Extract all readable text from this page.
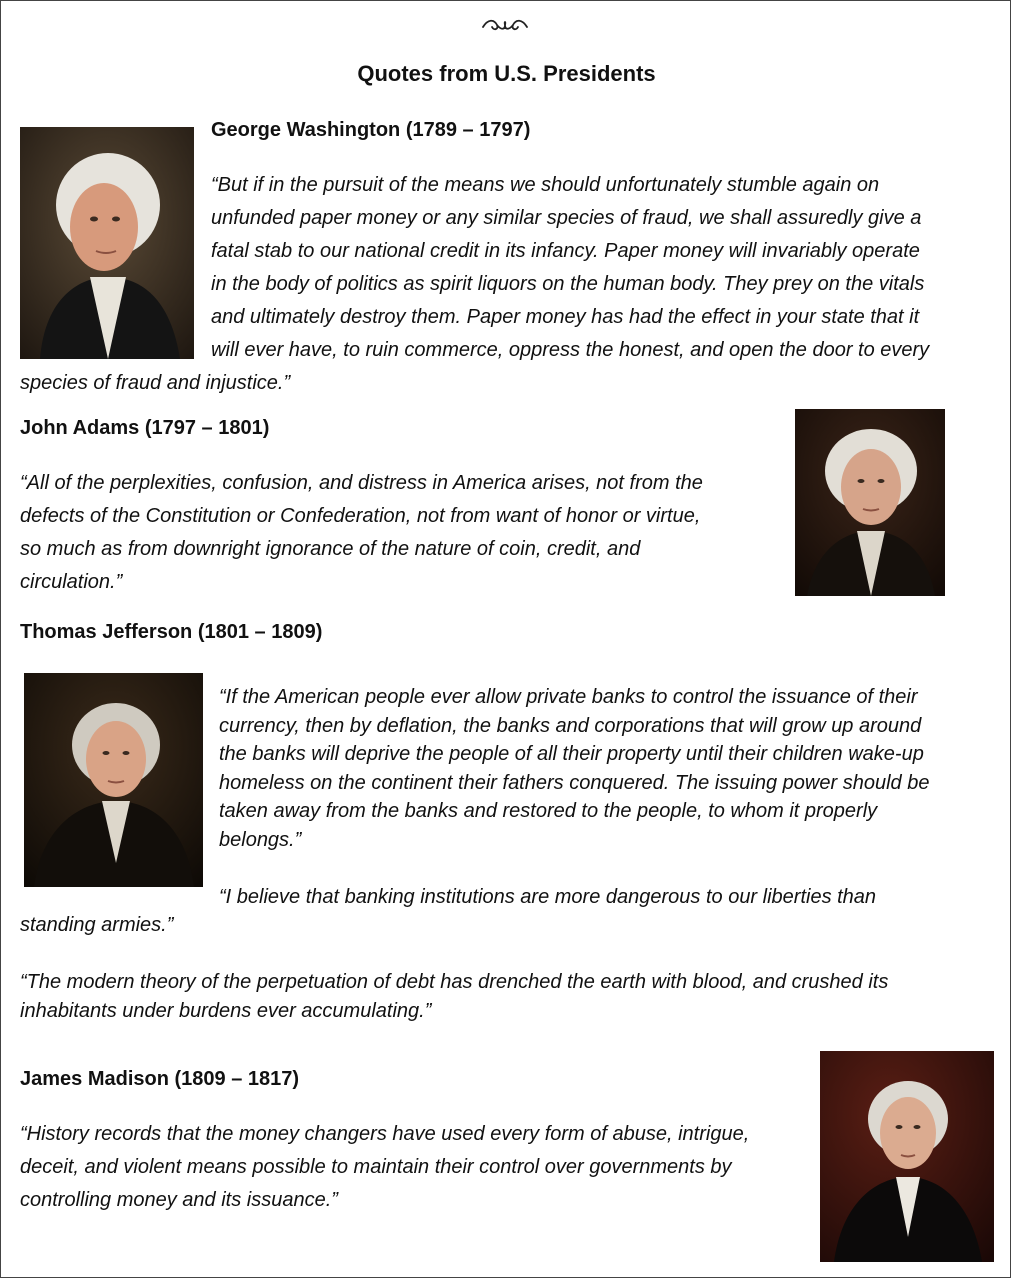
Quotes from U.S. Presidents
George Washington (1789 – 1797)
“But if in the pursuit of the means we should unfortunately stumble again on
unfunded paper money or any similar species of fraud, we shall assuredly give a
fatal stab to our national credit in its infancy. Paper money will invariably operate
in the body of politics as spirit liquors on the human body. They prey on the vitals
and ultimately destroy them. Paper money has had the effect in your state that it
will ever have, to ruin commerce, oppress the honest, and open the door to every
species of fraud and injustice.”
John Adams (1797 – 1801)
“All of the perplexities, confusion, and distress in America arises, not from the
defects of the Constitution or Confederation, not from want of honor or virtue,
so much as from downright ignorance of the nature of coin, credit, and
circulation.”
Thomas Jefferson (1801 – 1809)
“If the American people ever allow private banks to control the issuance of their
currency, then by deflation, the banks and corporations that will grow up around
the banks will deprive the people of all their property until their children wake-up
homeless on the continent their fathers conquered. The issuing power should be
taken away from the banks and restored to the people, to whom it properly
belongs.”
“I believe that banking institutions are more dangerous to our liberties than
standing armies.”
“The modern theory of the perpetuation of debt has drenched the earth with blood, and crushed its
inhabitants under burdens ever accumulating.”
James Madison (1809 – 1817)
“History records that the money changers have used every form of abuse, intrigue,
deceit, and violent means possible to maintain their control over governments by
controlling money and its issuance.”
